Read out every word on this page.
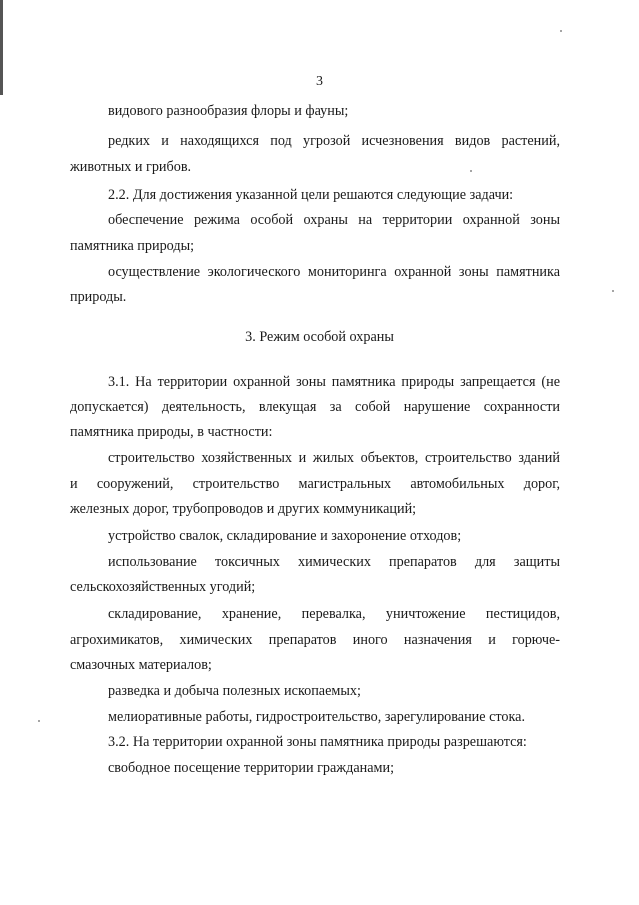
3
видового разнообразия флоры и фауны;
редких и находящихся под угрозой исчезновения видов растений,
животных и грибов.
2.2. Для достижения указанной цели решаются следующие задачи:
обеспечение режима особой охраны на территории охранной зоны
памятника природы;
осуществление экологического мониторинга охранной зоны памятника
природы.
3. Режим особой охраны
3.1. На территории охранной зоны памятника природы запрещается (не
допускается) деятельность, влекущая за собой нарушение сохранности
памятника природы, в частности:
строительство хозяйственных и жилых объектов, строительство зданий
и сооружений, строительство магистральных автомобильных дорог,
железных дорог, трубопроводов и других коммуникаций;
устройство свалок, складирование и захоронение отходов;
использование токсичных химических препаратов для защиты
сельскохозяйственных угодий;
складирование, хранение, перевалка, уничтожение пестицидов,
агрохимикатов, химических препаратов иного назначения и горюче-
смазочных материалов;
разведка и добыча полезных ископаемых;
мелиоративные работы, гидростроительство, зарегулирование стока.
3.2. На территории охранной зоны памятника природы разрешаются:
свободное посещение территории гражданами;
